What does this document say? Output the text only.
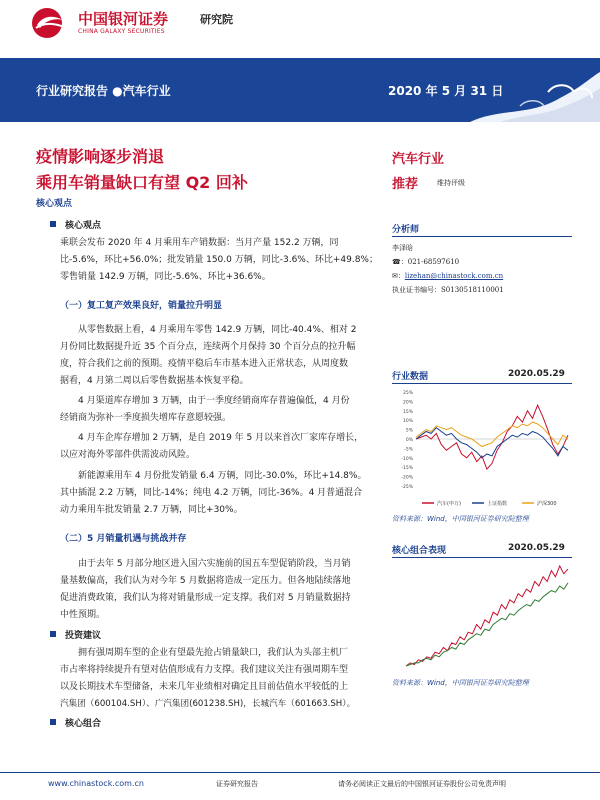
中国银河证券
CHINA GALAXY SECURITIES
研究院
行业研究报告 ●汽车行业	2020 年 5 月 31 日
疫情影响逐步消退
乘用车销量缺口有望 Q2 回补
核心观点
核心观点
乘联会发布 2020 年 4 月乘用车产销数据：当月产量 152.2 万辆，同
比-5.6%，环比+56.0%；批发销量 150.0 万辆，同比-3.6%、环比+49.8%；
零售销量 142.9 万辆，同比-5.6%、环比+36.6%。
（一）复工复产效果良好，销量拉升明显
从零售数据上看，4 月乘用车零售 142.9 万辆，同比-40.4%、相对 2
月份同比数据提升近 35 个百分点，连续两个月保持 30 个百分点的拉升幅
度，符合我们之前的预期。疫情平稳后车市基本进入正常状态，从周度数
据看，4 月第二周以后零售数据基本恢复平稳。
4 月渠道库存增加 3 万辆，由于一季度经销商库存普遍偏低，4 月份
经销商为弥补一季度损失增库存意愿较强。
4 月车企库存增加 2 万辆，是自 2019 年 5 月以来首次厂家库存增长，
以应对海外零部件供需波动风险。
新能源乘用车 4 月份批发销量 6.4 万辆，同比-30.0%，环比+14.8%。
其中插混 2.2 万辆，同比-14%；纯电 4.2 万辆，同比-36%。4 月普通混合
动力乘用车批发销量 2.7 万辆，同比+30%。
（二）5 月销量机遇与挑战并存
由于去年 5 月部分地区进入国六实施前的国五车型促销阶段，当月销
量基数偏高，我们认为对今年 5 月数据将造成一定压力。但各地陆续落地
促进消费政策，我们认为将对销量形成一定支撑。我们对 5 月销量数据持
中性预期。
投资建议
拥有强周期车型的企业有望最先抢占销量缺口，我们认为头部主机厂
市占率将持续提升有望对估值形成有力支撑。我们建议关注有强周期车型
以及长期技术车型储备，未来几年业绩相对确定且目前估值水平较低的上
汽集团（600104.SH）、广汽集团(601238.SH)，长城汽车（601663.SH）。
核心组合
汽车行业
推荐	维持评级
分析师
李泽晗
☎：021-68597610
✉：lizehan@chinastock.com.cn
执业证书编号：S0130518110001
行业数据	2020.05.29
25%
20%
15%
10%
5%
0%
-5%
-10%
-15%
-20%
-25%
汽车(申万)	上证指数	沪深300
资料来源：Wind，中国银河证券研究院整理
核心组合表现	2020.05.29
资料来源：Wind，中国银河证券研究院整理
www.chinastock.com.cn	证券研究报告	请务必阅读正文最后的中国银河证券股份公司免责声明
